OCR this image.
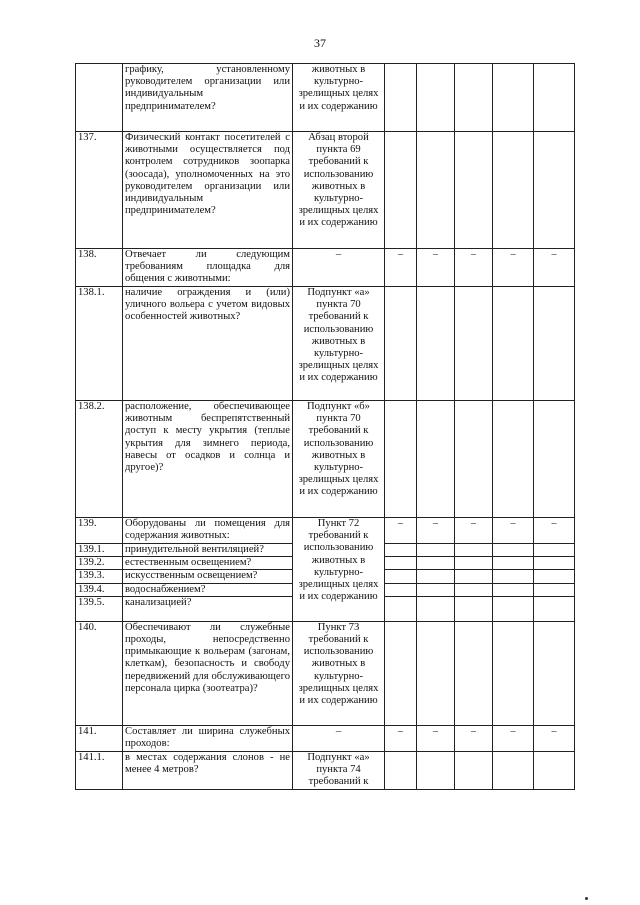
37
	графику, установленному руководителем организации или индивидуальным предпринимателем?	животных в культурно-зрелищных целях и их содержанию					
137.	Физический контакт посетителей с животными осуществляется под контролем сотрудников зоопарка (зоосада), уполномоченных на это руководителем организации или индивидуальным предпринимателем?	Абзац второй пункта 69 требований к использованию животных в культурно-зрелищных целях и их содержанию					
138.	Отвечает ли следующим требованиям площадка для общения с животными:	–	–	–	–	–	–
138.1.	наличие ограждения и (или) уличного вольера с учетом видовых особенностей животных?	Подпункт «а» пункта 70 требований к использованию животных в культурно-зрелищных целях и их содержанию					
138.2.	расположение, обеспечивающее животным беспрепятственный доступ к месту укрытия (теплые укрытия для зимнего периода, навесы от осадков и солнца и другое)?	Подпункт «б» пункта 70 требований к использованию животных в культурно-зрелищных целях и их содержанию					
139.	Оборудованы ли помещения для содержания животных:	Пункт 72 требований к использованию животных в культурно-зрелищных целях и их содержанию	–	–	–	–	–
139.1.	принудительной вентиляцией?						
139.2.	естественным освещением?						
139.3.	искусственным освещением?						
139.4.	водоснабжением?						
139.5.	канализацией?						
140.	Обеспечивают ли служебные проходы, непосредственно примыкающие к вольерам (загонам, клеткам), безопасность и свободу передвижений для обслуживающего персонала цирка (зоотеатра)?	Пункт 73 требований к использованию животных в культурно-зрелищных целях и их содержанию					
141.	Составляет ли ширина служебных проходов:	–	–	–	–	–	–
141.1.	в местах содержания слонов - не менее 4 метров?	Подпункт «а» пункта 74 требований к					
